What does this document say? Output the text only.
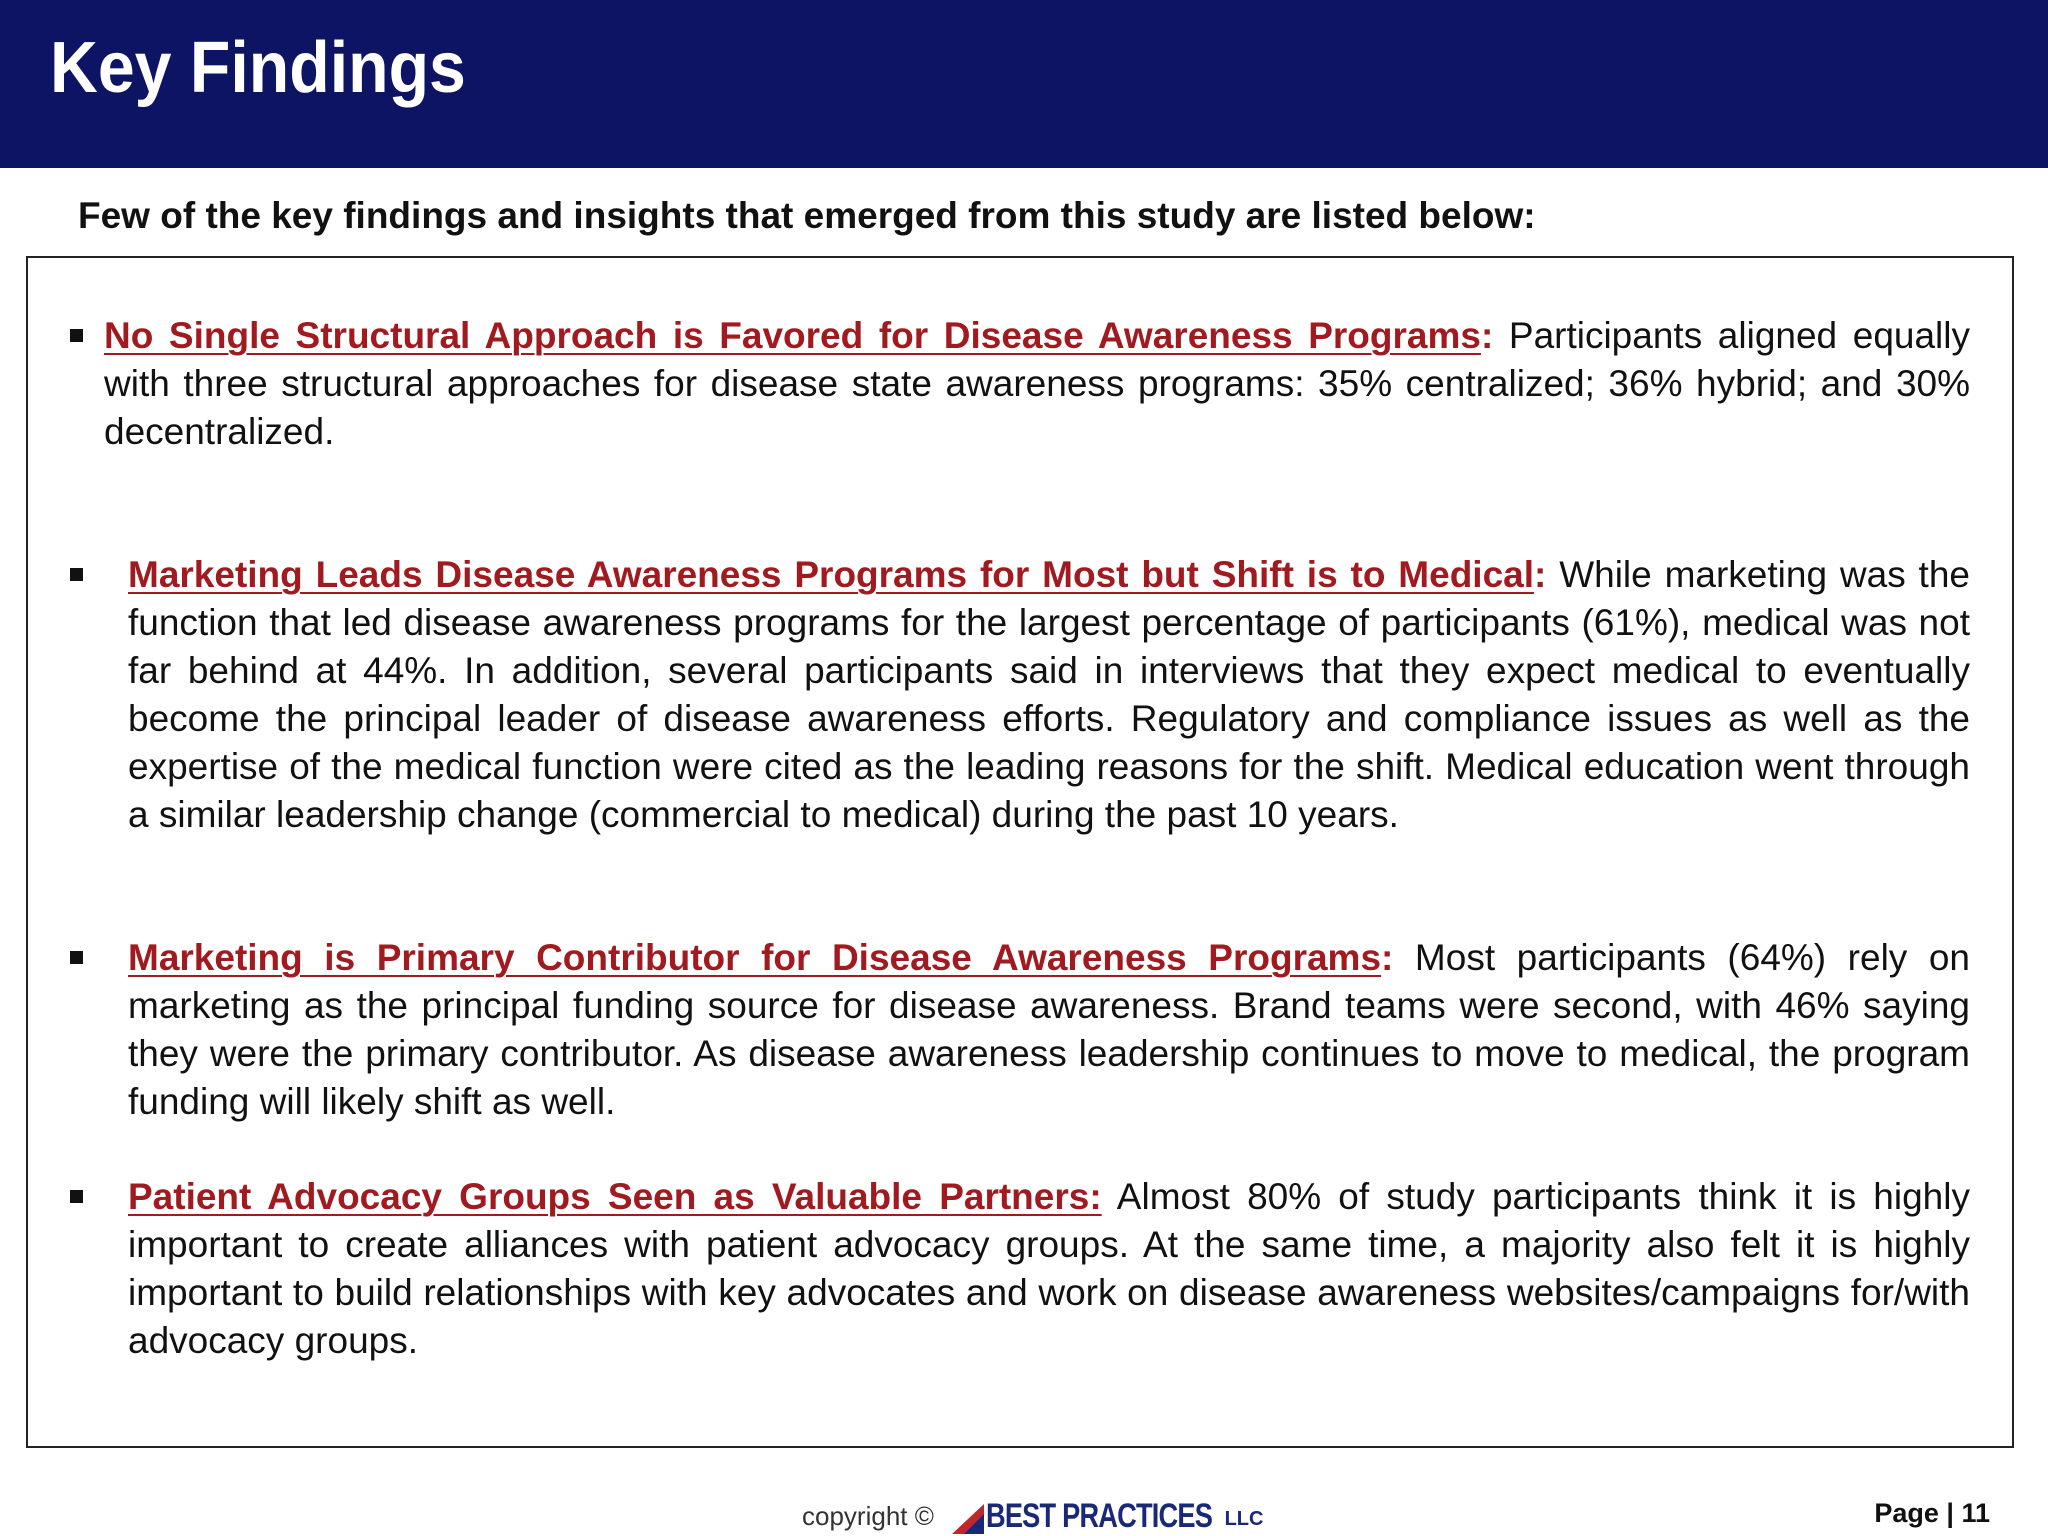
Key Findings
Few of the key findings and insights that emerged from this study are listed below:

No Single Structural Approach is Favored for Disease Awareness Programs: Participants aligned equally with three structural approaches for disease state awareness programs: 35% centralized; 36% hybrid; and 30% decentralized.

Marketing Leads Disease Awareness Programs for Most but Shift is to Medical: While marketing was the function that led disease awareness programs for the largest percentage of participants (61%), medical was not far behind at 44%. In addition, several participants said in interviews that they expect medical to eventually become the principal leader of disease awareness efforts. Regulatory and compliance issues as well as the expertise of the medical function were cited as the leading reasons for the shift. Medical education went through a similar leadership change (commercial to medical) during the past 10 years.

Marketing is Primary Contributor for Disease Awareness Programs: Most participants (64%) rely on marketing as the principal funding source for disease awareness. Brand teams were second, with 46% saying they were the primary contributor. As disease awareness leadership continues to move to medical, the program funding will likely shift as well.

Patient Advocacy Groups Seen as Valuable Partners: Almost 80% of study participants think it is highly important to create alliances with patient advocacy groups. At the same time, a majority also felt it is highly important to build relationships with key advocates and work on disease awareness websites/campaigns for/with advocacy groups.

copyright © BEST PRACTICES LLC	Page | 11
